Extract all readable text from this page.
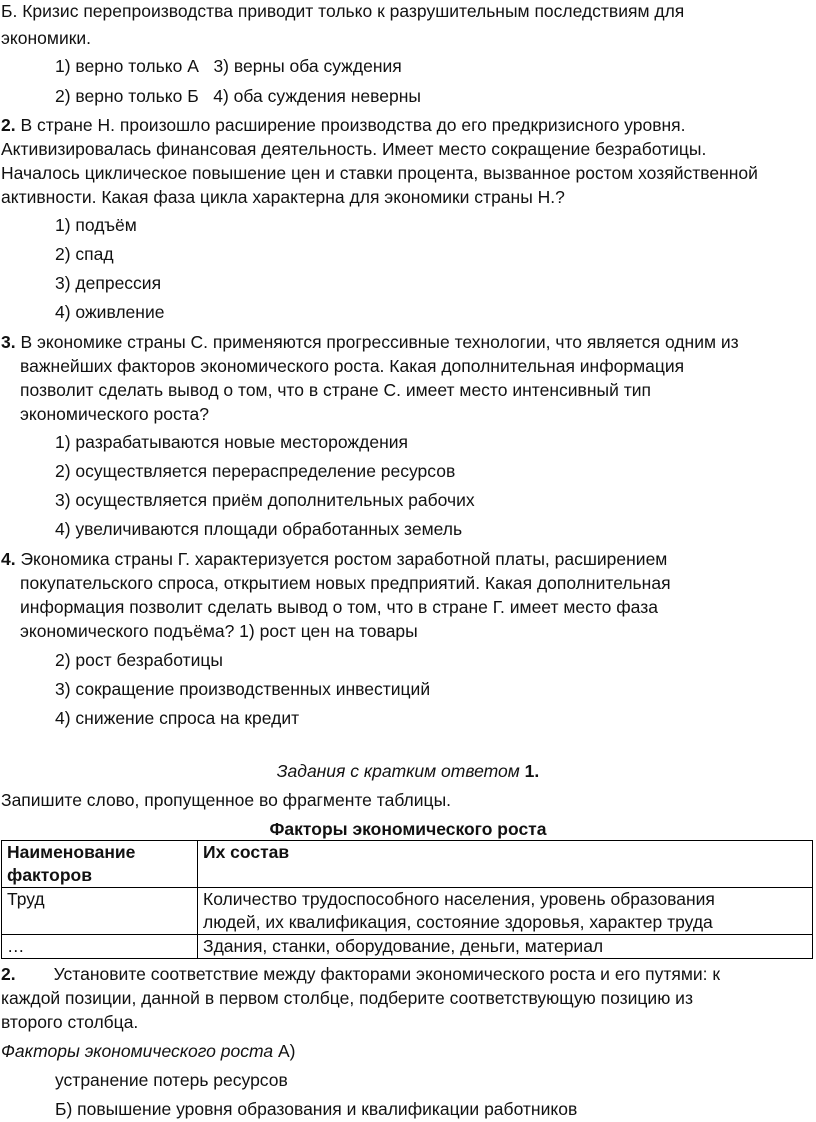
Б. Кризис перепроизводства приводит только к разрушительным последствиям для
экономики.
1) верно только А   3) верны оба суждения
2) верно только Б   4) оба суждения неверны
2. В стране Н. произошло расширение производства до его предкризисного уровня.
Активизировалась финансовая деятельность. Имеет место сокращение безработицы.
Началось циклическое повышение цен и ставки процента, вызванное ростом хозяйственной
активности. Какая фаза цикла характерна для экономики страны Н.?
1) подъём
2) спад
3) депрессия
4) оживление
3. В экономике страны С. применяются прогрессивные технологии, что является одним из
важнейших факторов экономического роста. Какая дополнительная информация
позволит сделать вывод о том, что в стране С. имеет место интенсивный тип
экономического роста?
1) разрабатываются новые месторождения
2) осуществляется перераспределение ресурсов
3) осуществляется приём дополнительных рабочих
4) увеличиваются площади обработанных земель
4. Экономика страны Г. характеризуется ростом заработной платы, расширением
покупательского спроса, открытием новых предприятий. Какая дополнительная
информация позволит сделать вывод о том, что в стране Г. имеет место фаза
экономического подъёма? 1) рост цен на товары
2) рост безработицы
3) сокращение производственных инвестиций
4) снижение спроса на кредит
Задания с кратким ответом 1.
Запишите слово, пропущенное во фрагменте таблицы.
Факторы экономического роста
Наименование
факторов	Их состав
Труд	Количество трудоспособного населения, уровень образования
людей, их квалификация, состояние здоровья, характер труда

…	Здания, станки, оборудование, деньги, материал
2. Установите соответствие между факторами экономического роста и его путями: к
каждой позиции, данной в первом столбце, подберите соответствующую позицию из
второго столбца.
Факторы экономического роста А)
устранение потерь ресурсов
Б) повышение уровня образования и квалификации работников
